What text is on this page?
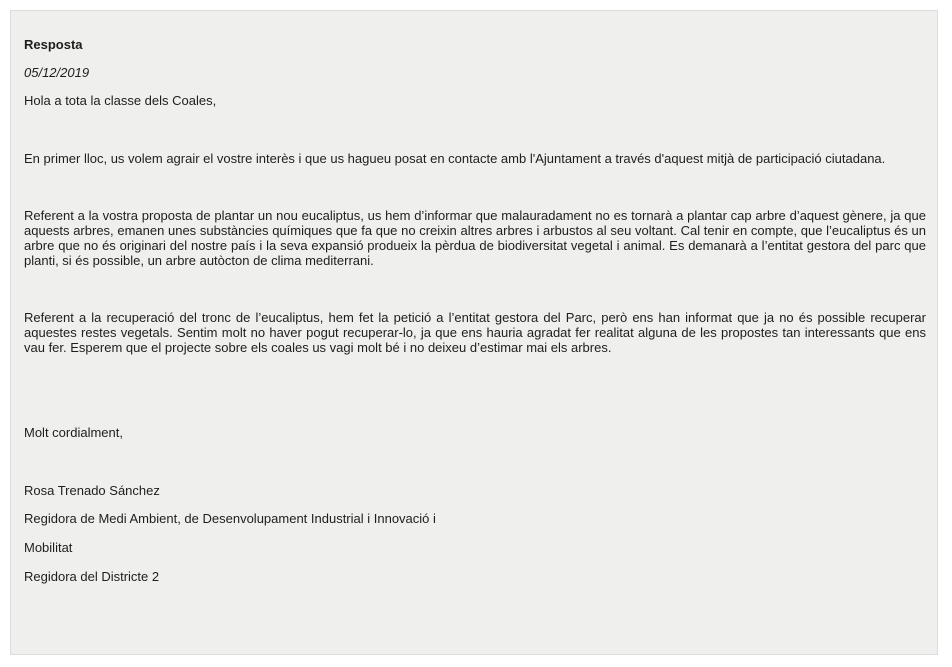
Resposta
05/12/2019
Hola a tota la classe dels Coales,

En primer lloc, us volem agrair el vostre interès i que us hagueu posat en contacte amb l'Ajuntament a través d'aquest mitjà de participació ciutadana.

Referent a la vostra proposta de plantar un nou eucaliptus, us hem d’informar que malauradament no es tornarà a plantar cap arbre d’aquest gènere, ja que aquests arbres, emanen unes substàncies químiques que fa que no creixin altres arbres i arbustos al seu voltant. Cal tenir en compte, que l’eucaliptus és un arbre que no és originari del nostre país i la seva expansió produeix la pèrdua de biodiversitat vegetal i animal. Es demanarà a l’entitat gestora del parc que planti, si és possible, un arbre autòcton de clima mediterrani.

Referent a la recuperació del tronc de l’eucaliptus, hem fet la petició a l’entitat gestora del Parc, però ens han informat que ja no és possible recuperar aquestes restes vegetals. Sentim molt no haver pogut recuperar-lo, ja que ens hauria agradat fer realitat alguna de les propostes tan interessants que ens vau fer. Esperem que el projecte sobre els coales us vagi molt bé i no deixeu d’estimar mai els arbres.

Molt cordialment,
Rosa Trenado Sánchez
Regidora de Medi Ambient, de Desenvolupament Industrial i Innovació i
Mobilitat
Regidora del Districte 2
